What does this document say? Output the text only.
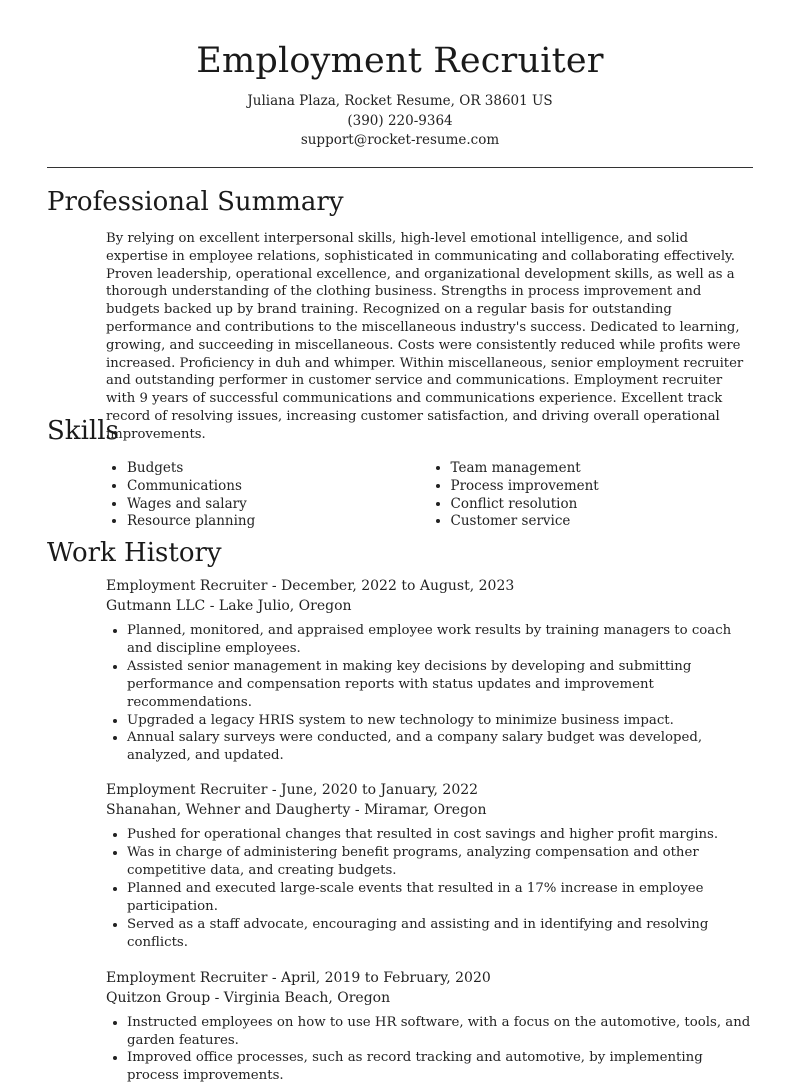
Employment Recruiter
Juliana Plaza, Rocket Resume, OR 38601 US
(390) 220-9364
support@rocket-resume.com
Professional Summary
By relying on excellent interpersonal skills, high-level emotional intelligence, and solid expertise in employee relations, sophisticated in communicating and collaborating effectively. Proven leadership, operational excellence, and organizational development skills, as well as a thorough understanding of the clothing business. Strengths in process improvement and budgets backed up by brand training. Recognized on a regular basis for outstanding performance and contributions to the miscellaneous industry's success. Dedicated to learning, growing, and succeeding in miscellaneous. Costs were consistently reduced while profits were increased. Proficiency in duh and whimper. Within miscellaneous, senior employment recruiter and outstanding performer in customer service and communications. Employment recruiter with 9 years of successful communications and communications experience. Excellent track record of resolving issues, increasing customer satisfaction, and driving overall operational improvements.
Skills
• Budgets
• Communications
• Wages and salary
• Resource planning
• Team management
• Process improvement
• Conflict resolution
• Customer service
Work History
Employment Recruiter - December, 2022 to August, 2023
Gutmann LLC - Lake Julio, Oregon
• Planned, monitored, and appraised employee work results by training managers to coach and discipline employees.
• Assisted senior management in making key decisions by developing and submitting performance and compensation reports with status updates and improvement recommendations.
• Upgraded a legacy HRIS system to new technology to minimize business impact.
• Annual salary surveys were conducted, and a company salary budget was developed, analyzed, and updated.
Employment Recruiter - June, 2020 to January, 2022
Shanahan, Wehner and Daugherty - Miramar, Oregon
• Pushed for operational changes that resulted in cost savings and higher profit margins.
• Was in charge of administering benefit programs, analyzing compensation and other competitive data, and creating budgets.
• Planned and executed large-scale events that resulted in a 17% increase in employee participation.
• Served as a staff advocate, encouraging and assisting and in identifying and resolving conflicts.
Employment Recruiter - April, 2019 to February, 2020
Quitzon Group - Virginia Beach, Oregon
• Instructed employees on how to use HR software, with a focus on the automotive, tools, and garden features.
• Improved office processes, such as record tracking and automotive, by implementing process improvements.
